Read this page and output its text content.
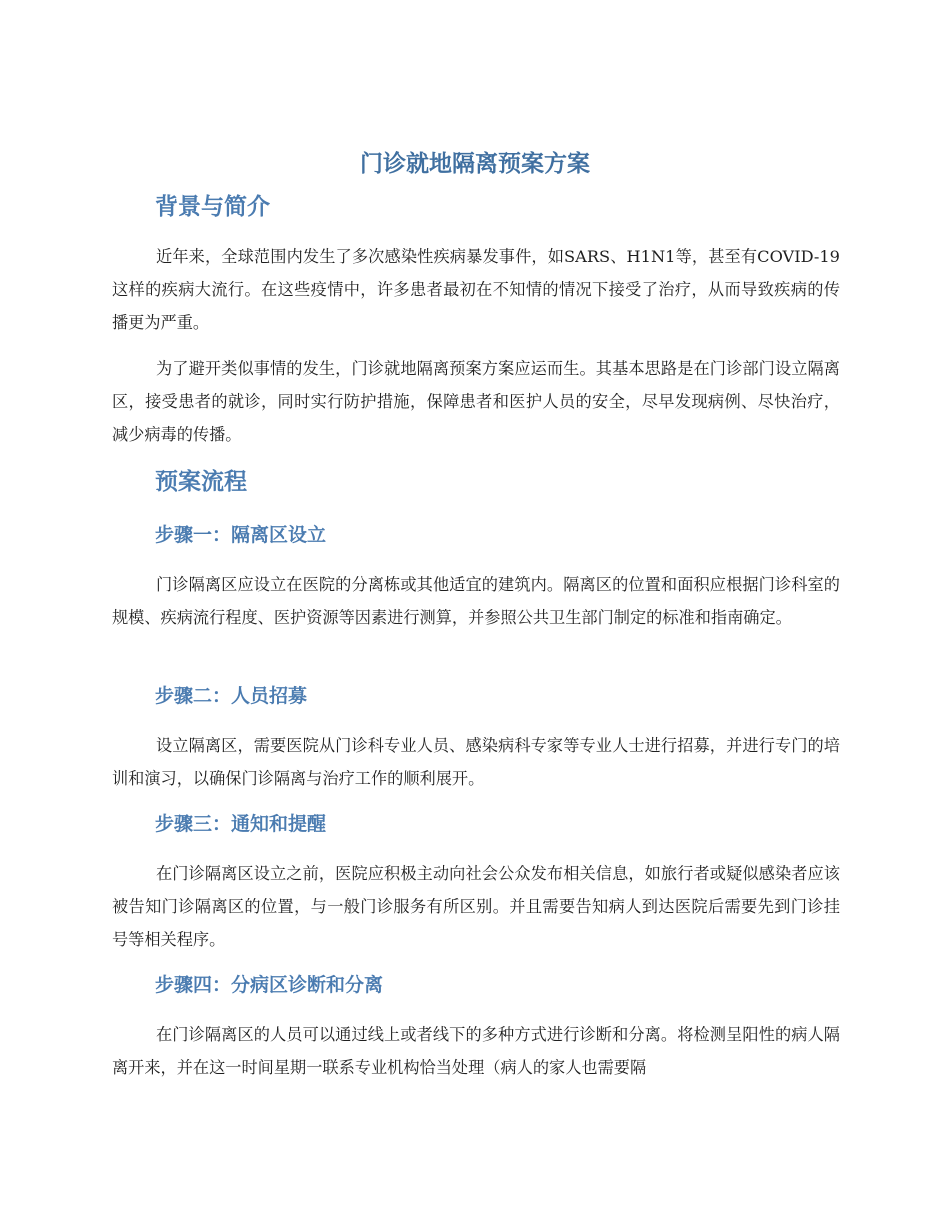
门诊就地隔离预案方案
背景与简介

近年来，全球范围内发生了多次感染性疾病暴发事件，如SARS、H1N1等，甚至有COVID-19这样的疾病大流行。在这些疫情中，许多患者最初在不知情的情况下接受了治疗，从而导致疾病的传播更为严重。

为了避开类似事情的发生，门诊就地隔离预案方案应运而生。其基本思路是在门诊部门设立隔离区，接受患者的就诊，同时实行防护措施，保障患者和医护人员的安全，尽早发现病例、尽快治疗，减少病毒的传播。

预案流程
步骤一：隔离区设立

门诊隔离区应设立在医院的分离栋或其他适宜的建筑内。隔离区的位置和面积应根据门诊科室的规模、疾病流行程度、医护资源等因素进行测算，并参照公共卫生部门制定的标准和指南确定。

步骤二：人员招募

设立隔离区，需要医院从门诊科专业人员、感染病科专家等专业人士进行招募，并进行专门的培训和演习，以确保门诊隔离与治疗工作的顺利展开。

步骤三：通知和提醒

在门诊隔离区设立之前，医院应积极主动向社会公众发布相关信息，如旅行者或疑似感染者应该被告知门诊隔离区的位置，与一般门诊服务有所区别。并且需要告知病人到达医院后需要先到门诊挂号等相关程序。

步骤四：分病区诊断和分离

在门诊隔离区的人员可以通过线上或者线下的多种方式进行诊断和分离。将检测呈阳性的病人隔离开来，并在这一时间星期一联系专业机构恰当处理（病人的家人也需要隔
